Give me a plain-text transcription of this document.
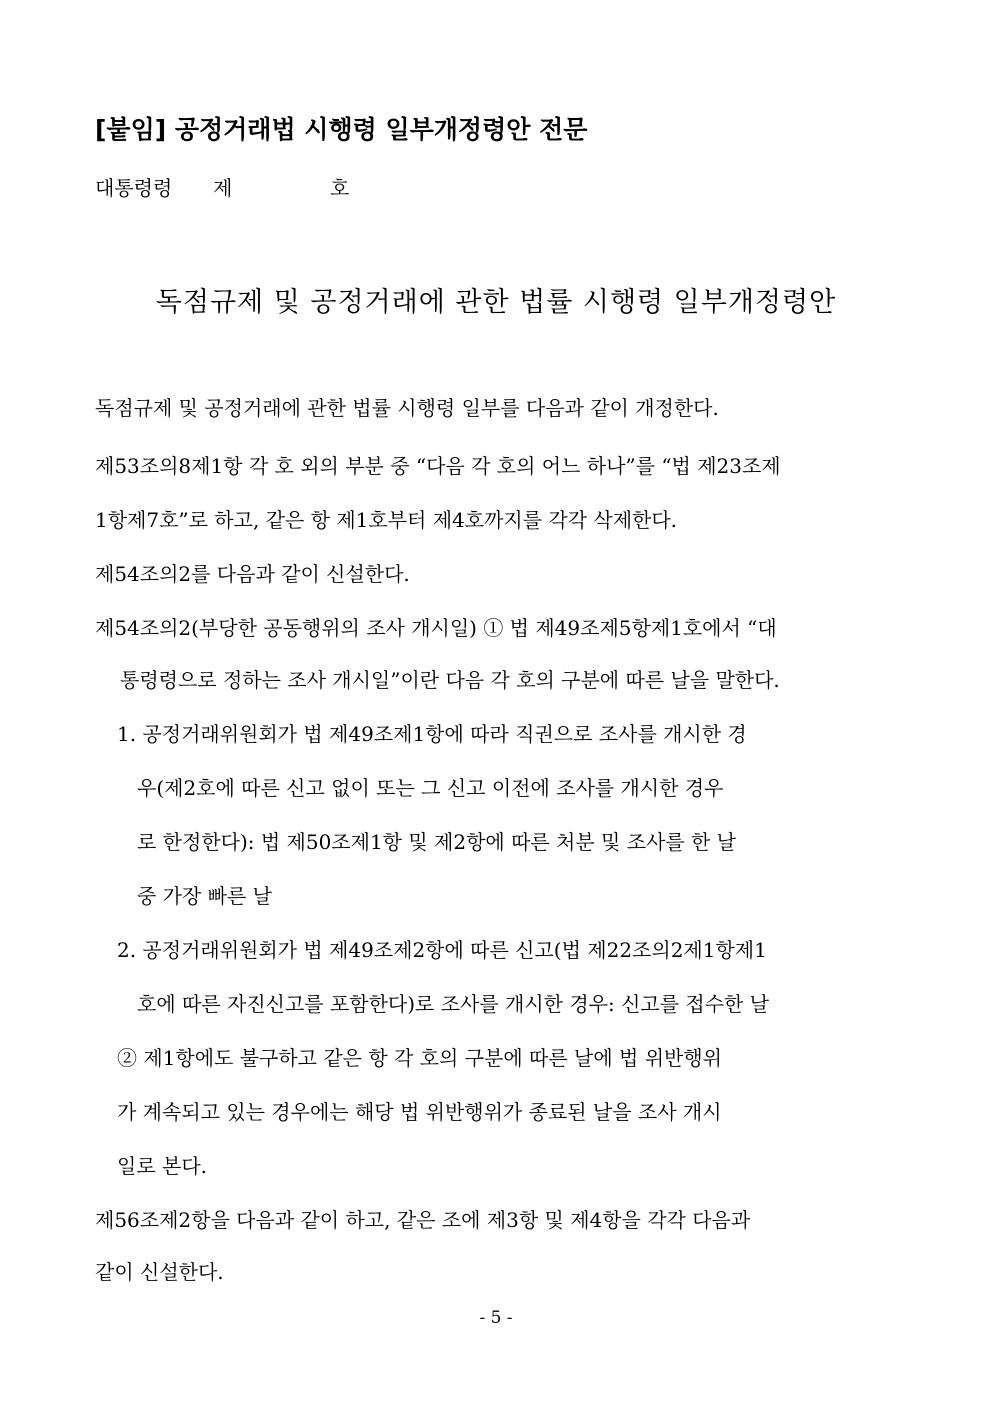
[붙임] 공정거래법 시행령 일부개정령안 전문
대통령령 제	호
독점규제 및 공정거래에 관한 법률 시행령 일부개정령안
독점규제 및 공정거래에 관한 법률 시행령 일부를 다음과 같이 개정한다.
제53조의8제1항 각 호 외의 부분 중 “다음 각 호의 어느 하나”를 “법 제23조제
1항제7호”로 하고, 같은 항 제1호부터 제4호까지를 각각 삭제한다.
제54조의2를 다음과 같이 신설한다.
제54조의2(부당한 공동행위의 조사 개시일) ① 법 제49조제5항제1호에서 “대
통령령으로 정하는 조사 개시일”이란 다음 각 호의 구분에 따른 날을 말한다.
1. 공정거래위원회가 법 제49조제1항에 따라 직권으로 조사를 개시한 경
우(제2호에 따른 신고 없이 또는 그 신고 이전에 조사를 개시한 경우
로 한정한다): 법 제50조제1항 및 제2항에 따른 처분 및 조사를 한 날
중 가장 빠른 날
2. 공정거래위원회가 법 제49조제2항에 따른 신고(법 제22조의2제1항제1
호에 따른 자진신고를 포함한다)로 조사를 개시한 경우: 신고를 접수한 날
② 제1항에도 불구하고 같은 항 각 호의 구분에 따른 날에 법 위반행위
가 계속되고 있는 경우에는 해당 법 위반행위가 종료된 날을 조사 개시
일로 본다.
제56조제2항을 다음과 같이 하고, 같은 조에 제3항 및 제4항을 각각 다음과
같이 신설한다.
- 5 -
